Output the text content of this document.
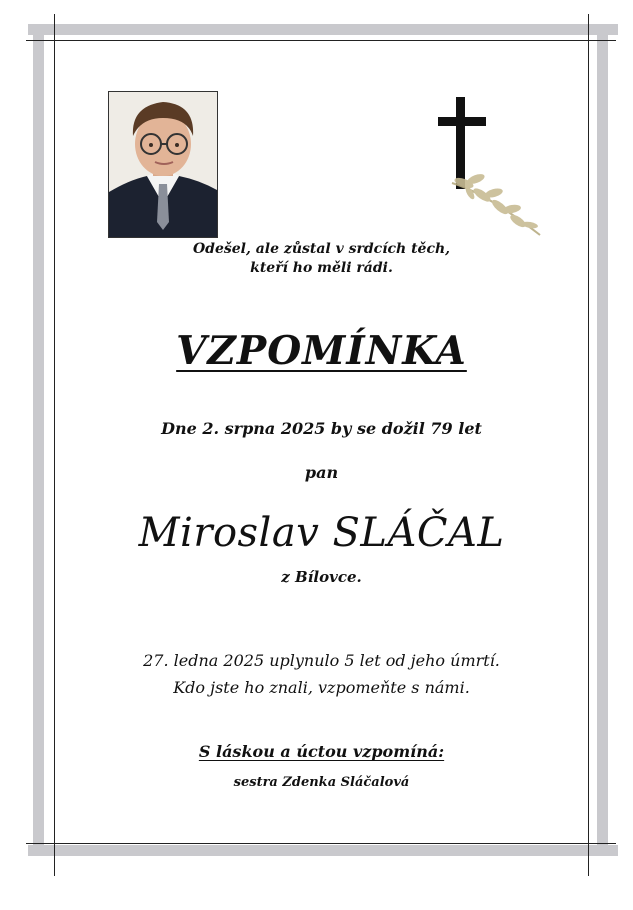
Odešel, ale zůstal v srdcích těch,
kteří ho měli rádi.
VZPOMÍNKA
Dne 2. srpna 2025 by se dožil 79 let
pan
Miroslav SLÁČAL
z Bílovce.
27. ledna 2025 uplynulo 5 let od jeho úmrtí.
Kdo jste ho znali, vzpomeňte s námi.
S láskou a úctou vzpomíná:
sestra Zdenka Sláčalová
